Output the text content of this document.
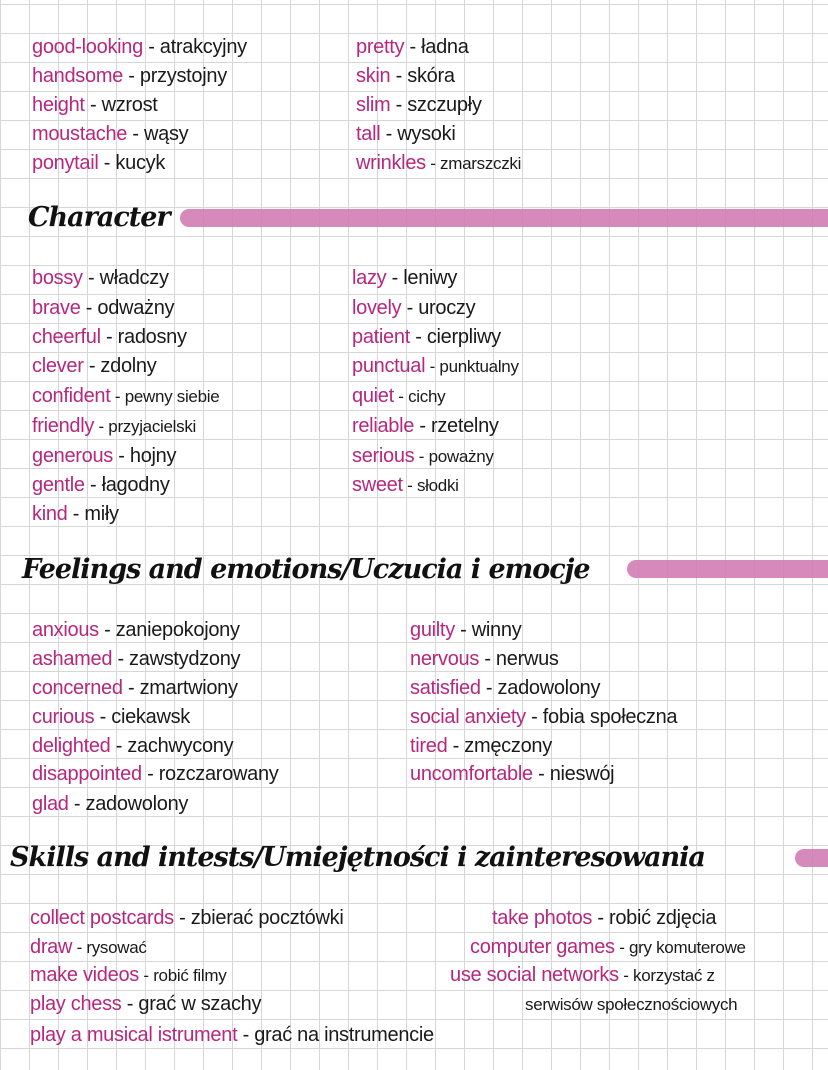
good-looking - atrakcyjny
handsome - przystojny
height - wzrost
moustache - wąsy
ponytail - kucyk
pretty - ładna
skin - skóra
slim - szczupły
tall - wysoki
wrinkles - zmarszczki
Character
bossy - władczy
brave - odważny
cheerful - radosny
clever - zdolny
confident - pewny siebie
friendly - przyjacielski
generous - hojny
gentle - łagodny
kind - miły
lazy - leniwy
lovely - uroczy
patient - cierpliwy
punctual - punktualny
quiet - cichy
reliable - rzetelny
serious - poważny
sweet - słodki
Feelings and emotions/Uczucia i emocje
anxious - zaniepokojony
ashamed - zawstydzony
concerned - zmartwiony
curious - ciekawsk
delighted - zachwycony
disappointed - rozczarowany
glad - zadowolony
guilty - winny
nervous - nerwus
satisfied - zadowolony
social anxiety - fobia społeczna
tired - zmęczony
uncomfortable - nieswój
Skills and intests/Umiejętności i zainteresowania
collect postcards - zbierać pocztówki
draw - rysować
make videos - robić filmy
play chess - grać w szachy
play a musical istrument - grać na instrumencie
take photos - robić zdjęcia
computer games - gry komuterowe
use social networks - korzystać z
serwisów społecznościowych
